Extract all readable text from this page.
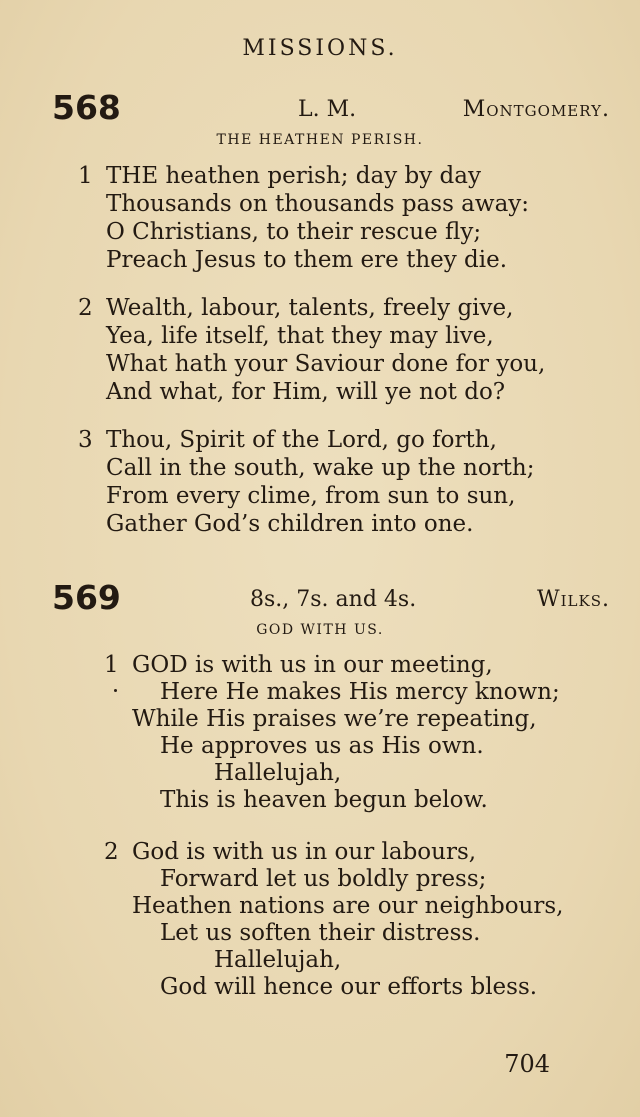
MISSIONS.
568	L. M.	Montgomery.
THE HEATHEN PERISH.
1 THE heathen perish; day by day
Thousands on thousands pass away:
O Christians, to their rescue fly;
Preach Jesus to them ere they die.
2 Wealth, labour, talents, freely give,
Yea, life itself, that they may live,
What hath your Saviour done for you,
And what, for Him, will ye not do?
3 Thou, Spirit of the Lord, go forth,
Call in the south, wake up the north;
From every clime, from sun to sun,
Gather God’s children into one.
569	8s., 7s. and 4s.	Wilks.
GOD WITH US.
1 GOD is with us in our meeting,
Here He makes His mercy known;
While His praises we’re repeating,
He approves us as His own.
Hallelujah,
This is heaven begun below.
2 God is with us in our labours,
Forward let us boldly press;
Heathen nations are our neighbours,
Let us soften their distress.
Hallelujah,
God will hence our efforts bless.
704
